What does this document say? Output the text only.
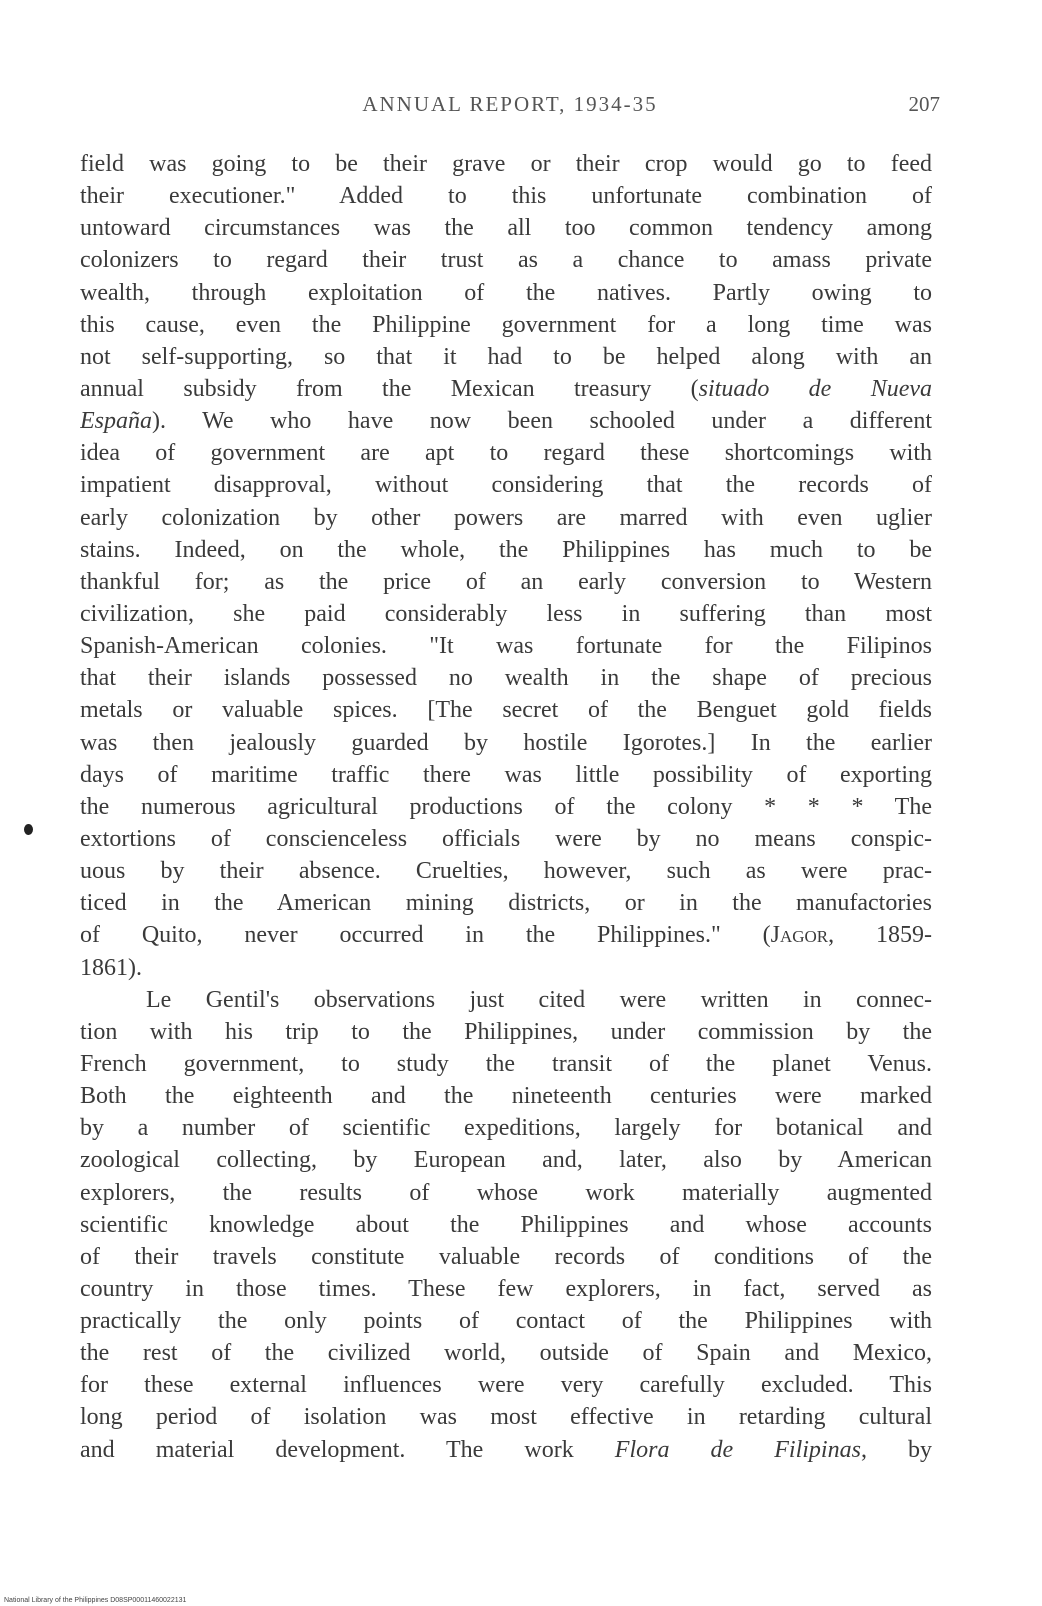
ANNUAL REPORT, 1934-35	207
field was going to be their grave or their crop would go to feed
their executioner." Added to this unfortunate combination of
untoward circumstances was the all too common tendency among
colonizers to regard their trust as a chance to amass private
wealth, through exploitation of the natives. Partly owing to
this cause, even the Philippine government for a long time was
not self-supporting, so that it had to be helped along with an
annual subsidy from the Mexican treasury (situado de Nueva
España). We who have now been schooled under a different
idea of government are apt to regard these shortcomings with
impatient disapproval, without considering that the records of
early colonization by other powers are marred with even uglier
stains. Indeed, on the whole, the Philippines has much to be
thankful for; as the price of an early conversion to Western
civilization, she paid considerably less in suffering than most
Spanish-American colonies. "It was fortunate for the Filipinos
that their islands possessed no wealth in the shape of precious
metals or valuable spices. [The secret of the Benguet gold fields
was then jealously guarded by hostile Igorotes.] In the earlier
days of maritime traffic there was little possibility of exporting
the numerous agricultural productions of the colony * * * The
extortions of conscienceless officials were by no means conspic-
uous by their absence. Cruelties, however, such as were prac-
ticed in the American mining districts, or in the manufactories
of Quito, never occurred in the Philippines." (Jagor, 1859-
1861).
Le Gentil's observations just cited were written in connec-
tion with his trip to the Philippines, under commission by the
French government, to study the transit of the planet Venus.
Both the eighteenth and the nineteenth centuries were marked
by a number of scientific expeditions, largely for botanical and
zoological collecting, by European and, later, also by American
explorers, the results of whose work materially augmented
scientific knowledge about the Philippines and whose accounts
of their travels constitute valuable records of conditions of the
country in those times. These few explorers, in fact, served as
practically the only points of contact of the Philippines with
the rest of the civilized world, outside of Spain and Mexico,
for these external influences were very carefully excluded. This
long period of isolation was most effective in retarding cultural
and material development. The work Flora de Filipinas, by
National Library of the Philippines D08SP00011460022131
